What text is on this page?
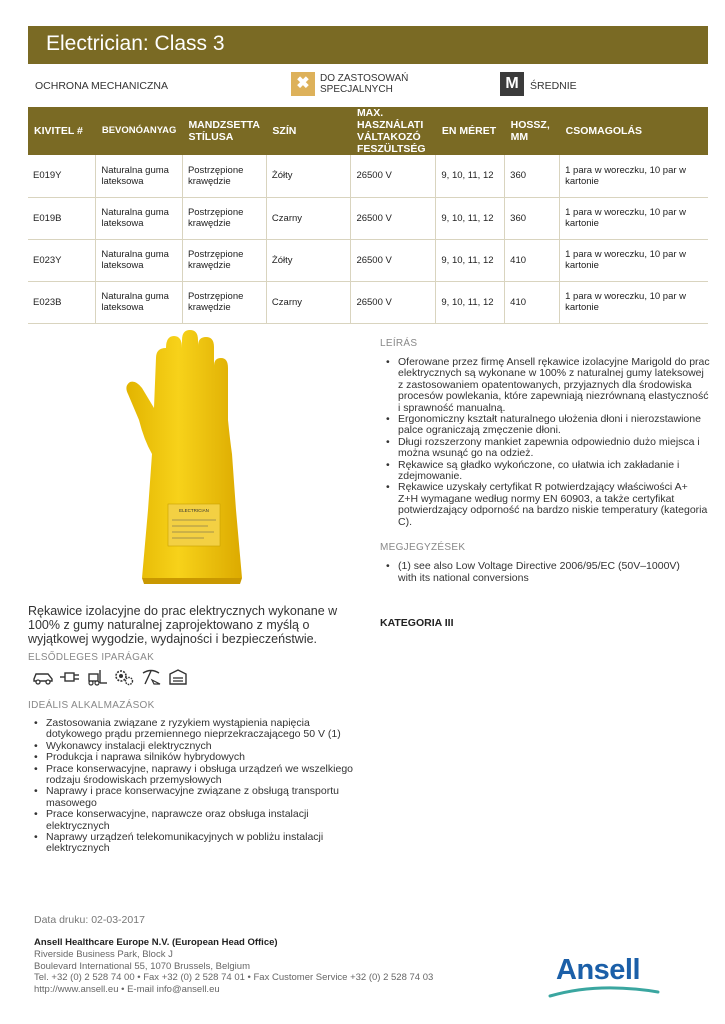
Electrician: Class 3
OCHRONA MECHANICZNA	✖	DO ZASTOSOWAŃ
SPECJALNYCH	M	ŚREDNIE
KIVITEL #	BEVONÓANYAG	MANDZSETTA STÍLUSA	SZÍN	MAX. HASZNÁLATI VÁLTAKOZÓ FESZÜLTSÉG	EN MÉRET	HOSSZ, MM	CSOMAGOLÁS
E019Y	Naturalna guma lateksowa	Postrzępione krawędzie	Żółty	26500 V	9, 10, 11, 12	360	1 para w woreczku, 10 par w kartonie
E019B	Naturalna guma lateksowa	Postrzępione krawędzie	Czarny	26500 V	9, 10, 11, 12	360	1 para w woreczku, 10 par w kartonie
E023Y	Naturalna guma lateksowa	Postrzępione krawędzie	Żółty	26500 V	9, 10, 11, 12	410	1 para w woreczku, 10 par w kartonie
E023B	Naturalna guma lateksowa	Postrzępione krawędzie	Czarny	26500 V	9, 10, 11, 12	410	1 para w woreczku, 10 par w kartonie
ELECTRICIAN
LEÍRÁS
• Oferowane przez firmę Ansell rękawice izolacyjne Marigold do prac elektrycznych są wykonane w 100% z naturalnej gumy lateksowej z zastosowaniem opatentowanych, przyjaznych dla środowiska procesów powlekania, które zapewniają niezrównaną elastyczność i sprawność manualną.
• Ergonomiczny kształt naturalnego ułożenia dłoni i nierozstawione palce ograniczają zmęczenie dłoni.
• Długi rozszerzony mankiet zapewnia odpowiednio dużo miejsca i można wsunąć go na odzież.
• Rękawice są gładko wykończone, co ułatwia ich zakładanie i zdejmowanie.
• Rękawice uzyskały certyfikat R potwierdzający właściwości A+ Z+H wymagane według normy EN 60903, a także certyfikat potwierdzający odporność na bardzo niskie temperatury (kategoria C).
MEGJEGYZÉSEK
• (1) see also Low Voltage Directive 2006/95/EC (50V–1000V) with its national conversions
Rękawice izolacyjne do prac elektrycznych wykonane w 100% z gumy naturalnej zaprojektowano z myślą o wyjątkowej wygodzie, wydajności i bezpieczeństwie.
KATEGORIA III
ELSŐDLEGES IPARÁGAK
IDEÁLIS ALKALMAZÁSOK
• Zastosowania związane z ryzykiem wystąpienia napięcia dotykowego prądu przemiennego nieprzekraczającego 50 V (1)
• Wykonawcy instalacji elektrycznych
• Produkcja i naprawa silników hybrydowych
• Prace konserwacyjne, naprawy i obsługa urządzeń we wszelkiego rodzaju środowiskach przemysłowych
• Naprawy i prace konserwacyjne związane z obsługą transportu masowego
• Prace konserwacyjne, naprawcze oraz obsługa instalacji elektrycznych
• Naprawy urządzeń telekomunikacyjnych w pobliżu instalacji elektrycznych
Data druku: 02-03-2017
Ansell Healthcare Europe N.V. (European Head Office)
Riverside Business Park, Block J
Boulevard International 55, 1070 Brussels, Belgium
Tel. +32 (0) 2 528 74 00 • Fax +32 (0) 2 528 74 01 • Fax Customer Service +32 (0) 2 528 74 03
http://www.ansell.eu • E-mail info@ansell.eu
Ansell
